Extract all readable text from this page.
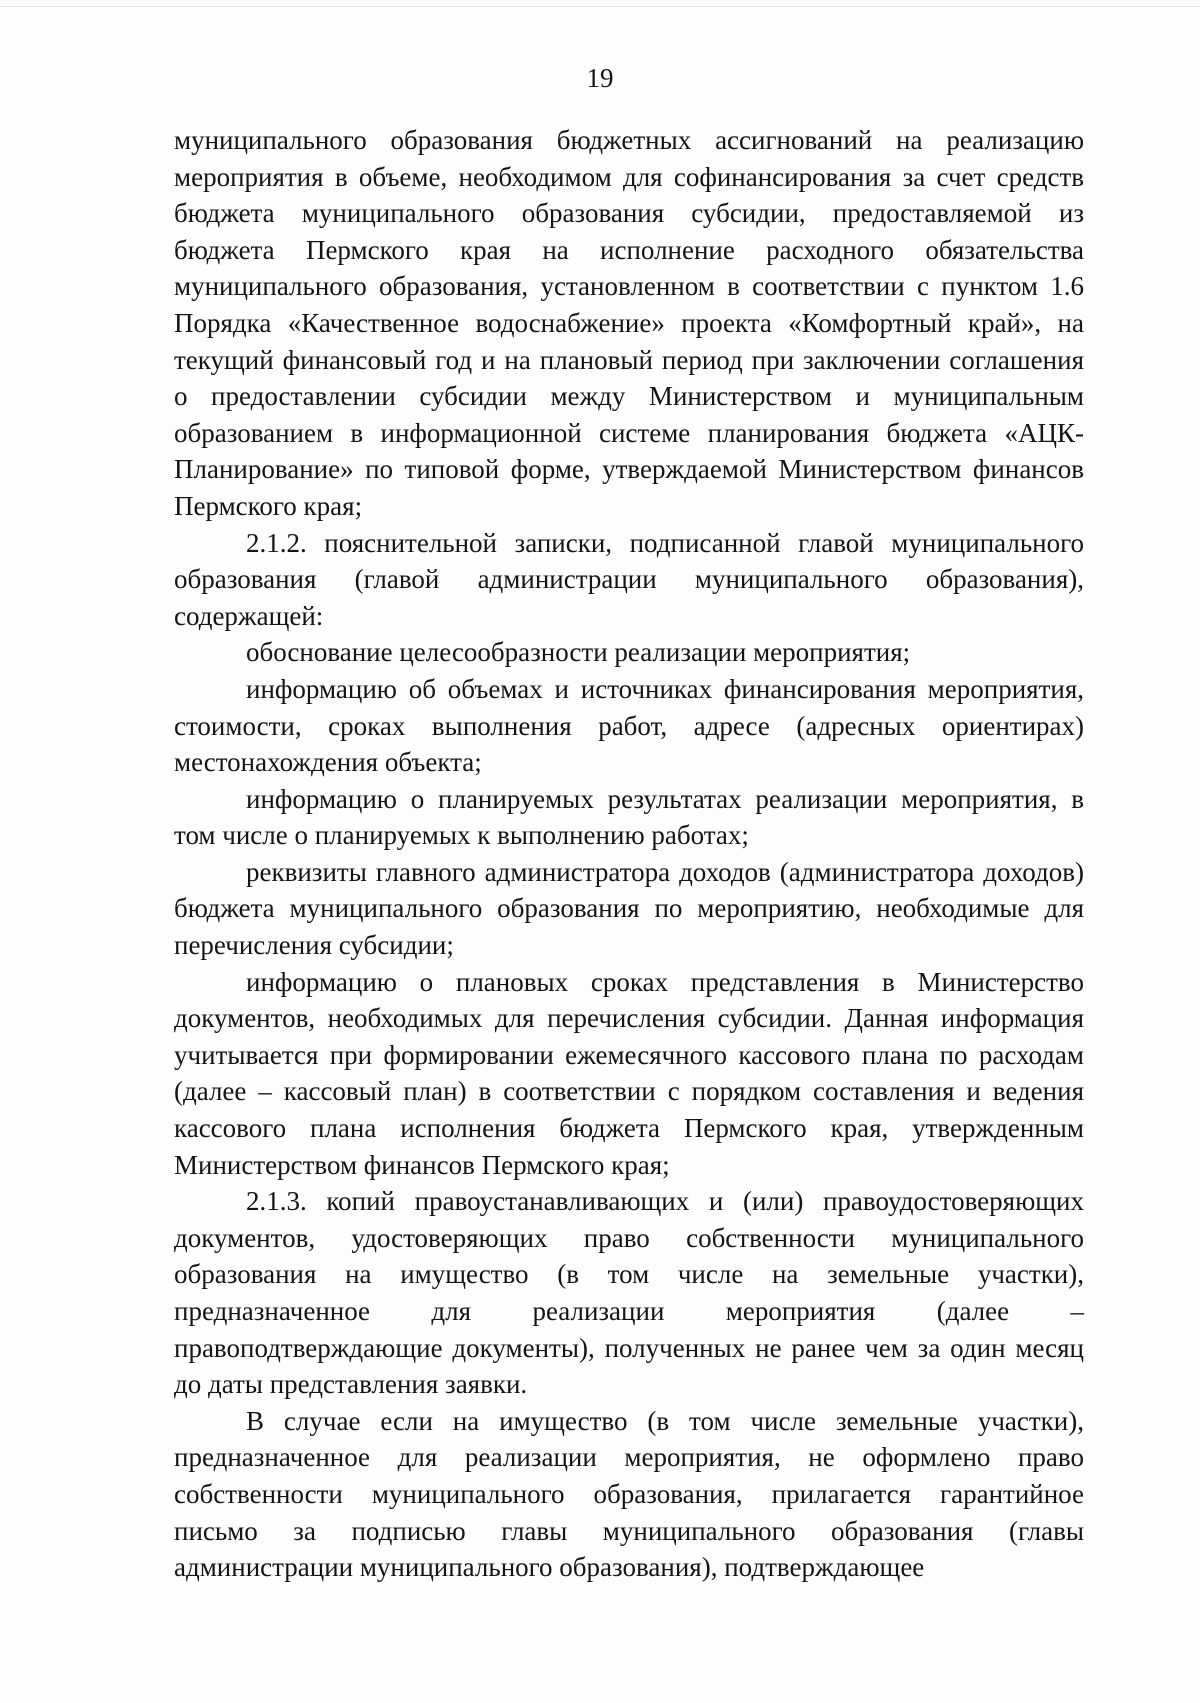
19

муниципального образования бюджетных ассигнований на реализацию мероприятия в объеме, необходимом для софинансирования за счет средств бюджета муниципального образования субсидии, предоставляемой из бюджета Пермского края на исполнение расходного обязательства муниципального образования, установленном в соответствии с пунктом 1.6 Порядка «Качественное водоснабжение» проекта «Комфортный край», на текущий финансовый год и на плановый период при заключении соглашения о предоставлении субсидии между Министерством и муниципальным образованием в информационной системе планирования бюджета «АЦК-Планирование» по типовой форме, утверждаемой Министерством финансов Пермского края;

2.1.2. пояснительной записки, подписанной главой муниципального образования (главой администрации муниципального образования), содержащей:

обоснование целесообразности реализации мероприятия;

информацию об объемах и источниках финансирования мероприятия, стоимости, сроках выполнения работ, адресе (адресных ориентирах) местонахождения объекта;

информацию о планируемых результатах реализации мероприятия, в том числе о планируемых к выполнению работах;

реквизиты главного администратора доходов (администратора доходов) бюджета муниципального образования по мероприятию, необходимые для перечисления субсидии;

информацию о плановых сроках представления в Министерство документов, необходимых для перечисления субсидии. Данная информация учитывается при формировании ежемесячного кассового плана по расходам (далее – кассовый план) в соответствии с порядком составления и ведения кассового плана исполнения бюджета Пермского края, утвержденным Министерством финансов Пермского края;

2.1.3. копий правоустанавливающих и (или) правоудостоверяющих документов, удостоверяющих право собственности муниципального образования на имущество (в том числе на земельные участки), предназначенное для реализации мероприятия (далее – правоподтверждающие документы), полученных не ранее чем за один месяц до даты представления заявки.

В случае если на имущество (в том числе земельные участки), предназначенное для реализации мероприятия, не оформлено право собственности муниципального образования, прилагается гарантийное письмо за подписью главы муниципального образования (главы администрации муниципального образования), подтверждающее
